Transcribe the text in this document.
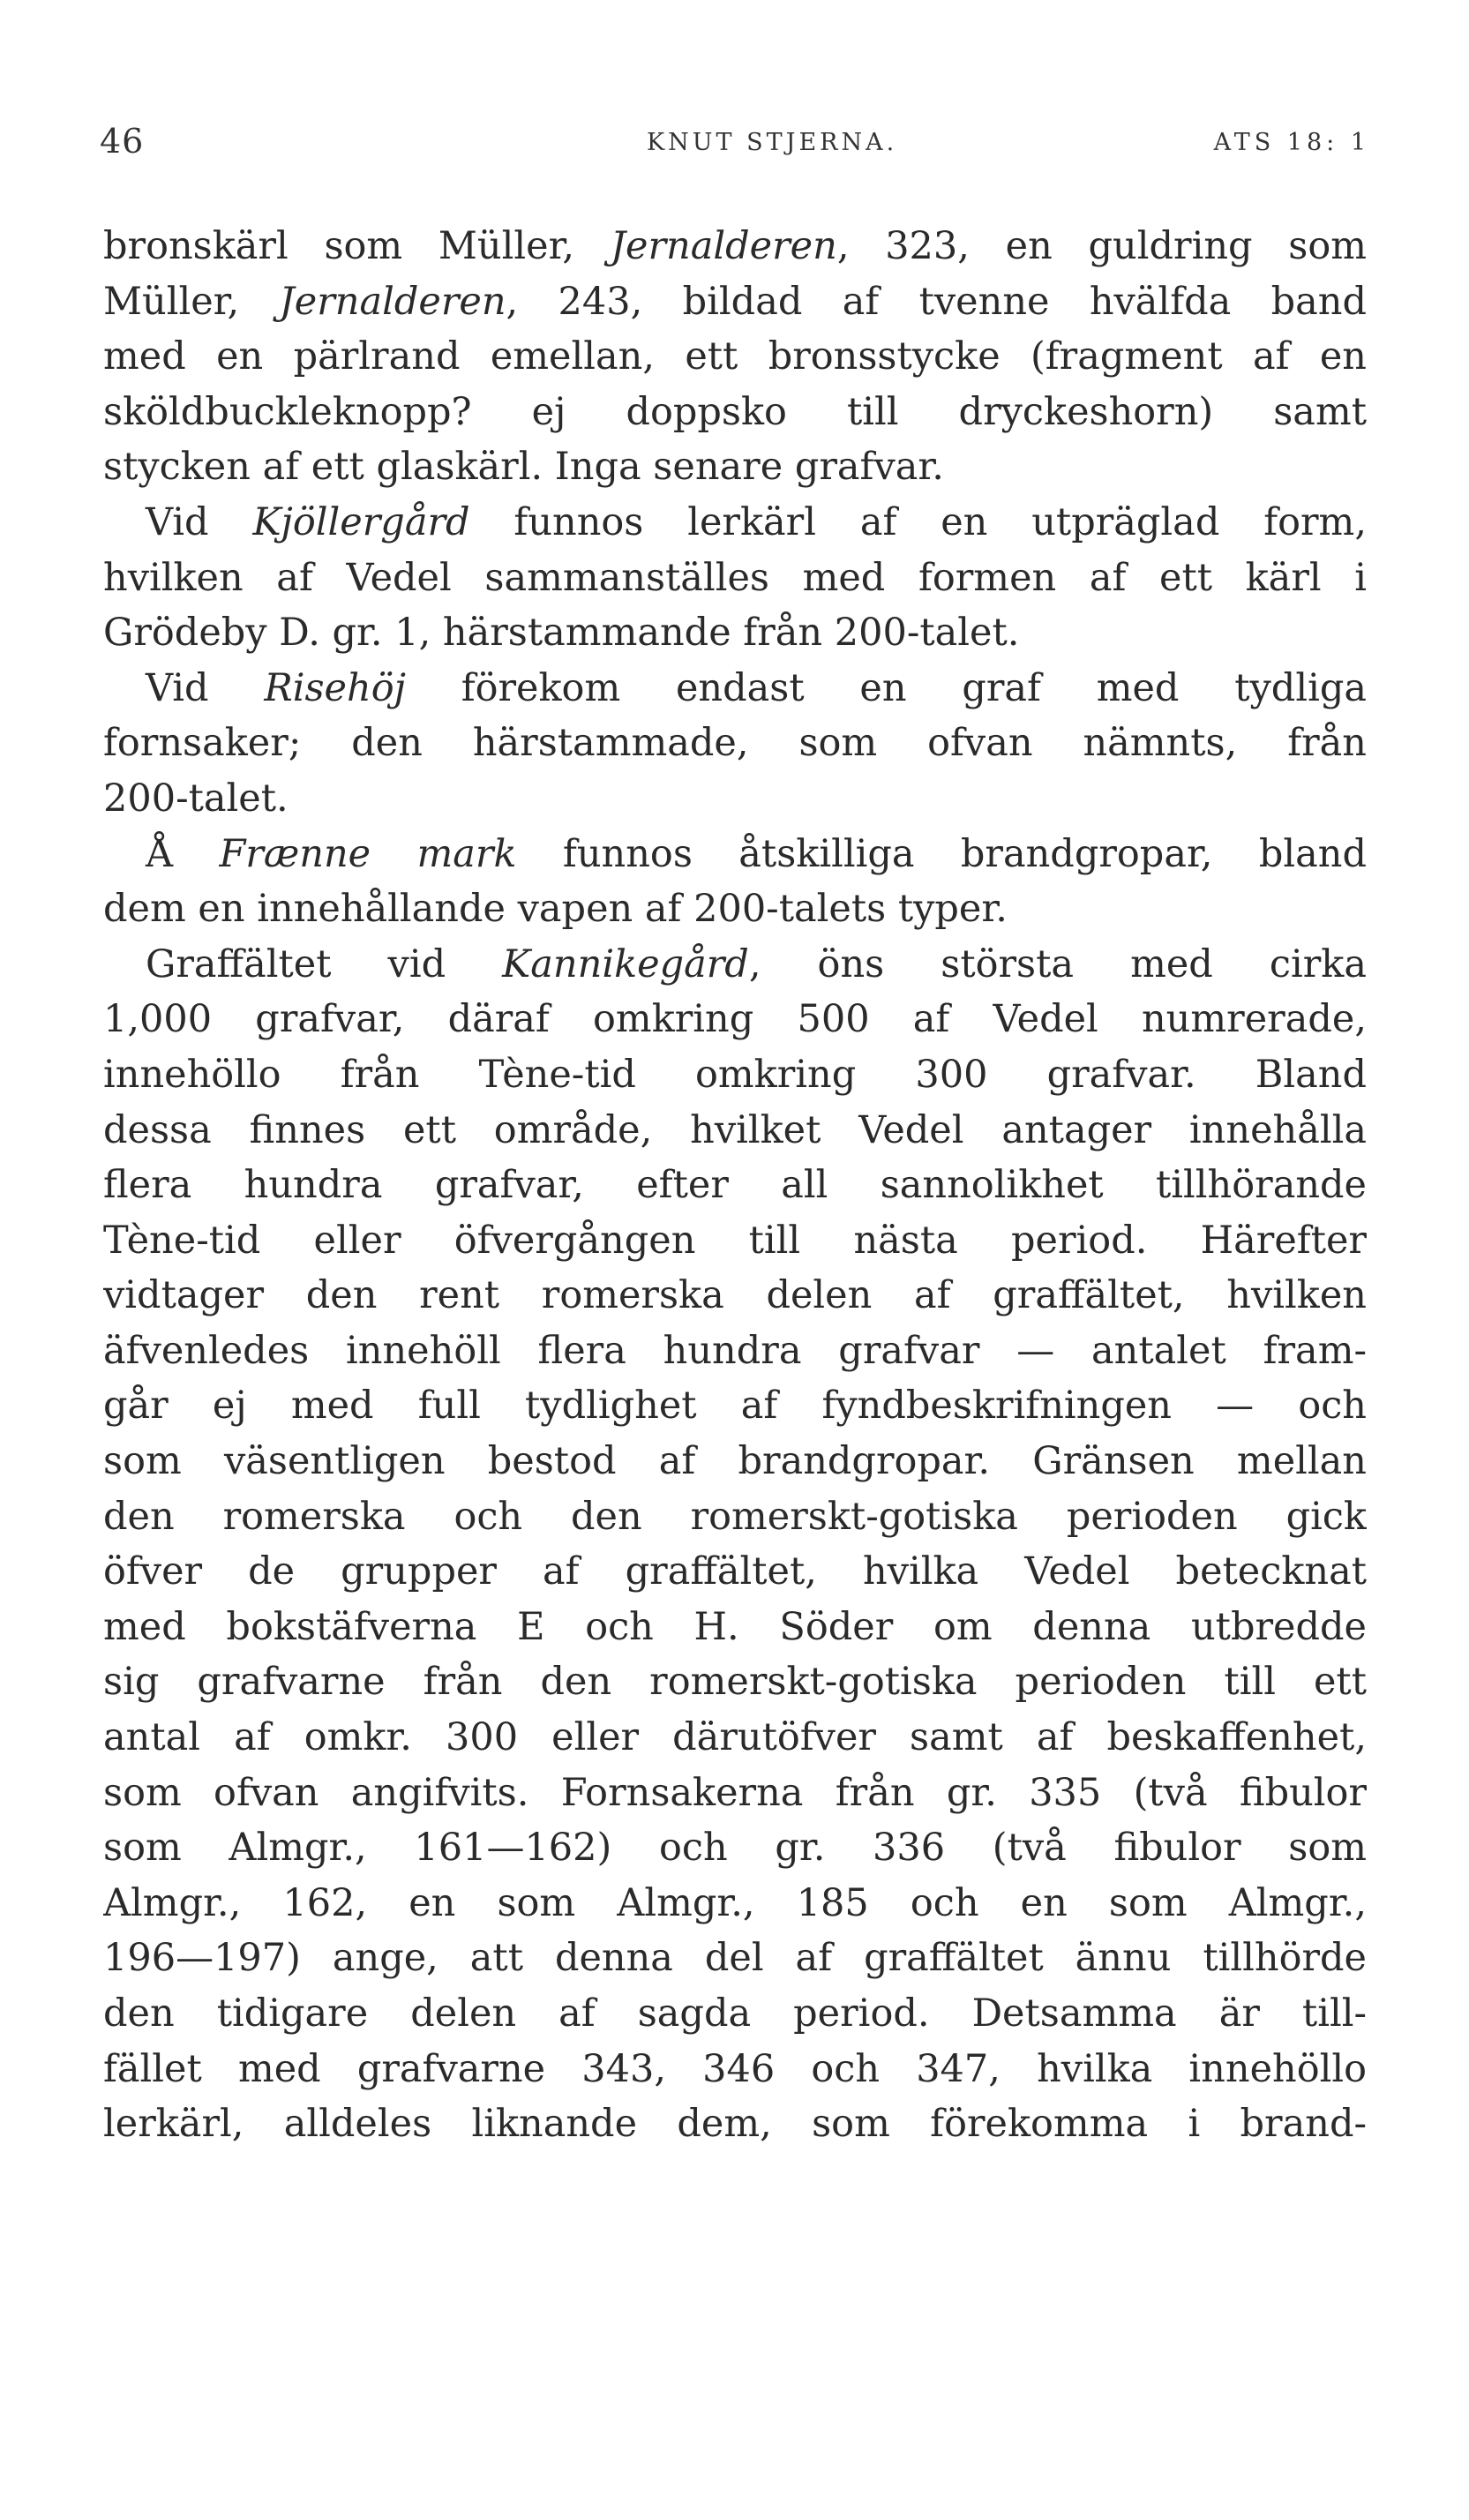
46	KNUT STJERNA.	ATS 18: 1
bronskärl som Müller, Jernalderen, 323, en guldring som
Müller, Jernalderen, 243, bildad af tvenne hvälfda band
med en pärlrand emellan, ett bronsstycke (fragment af en
sköldbuckleknopp? ej doppsko till dryckeshorn) samt
stycken af ett glaskärl. Inga senare grafvar.
Vid Kjöllergård funnos lerkärl af en utpräglad form,
hvilken af Vedel sammanställes med formen af ett kärl i
Grödeby D. gr. 1, härstammande från 200-talet.
Vid Risehöj förekom endast en graf med tydliga
fornsaker; den härstammade, som ofvan nämnts, från
200-talet.
Å Frænne mark funnos åtskilliga brandgropar, bland
dem en innehållande vapen af 200-talets typer.
Graffältet vid Kannikegård, öns största med cirka
1,000 grafvar, däraf omkring 500 af Vedel numrerade,
innehöllo från Tène-tid omkring 300 grafvar. Bland
dessa finnes ett område, hvilket Vedel antager innehålla
flera hundra grafvar, efter all sannolikhet tillhörande
Tène-tid eller öfvergången till nästa period. Härefter
vidtager den rent romerska delen af graffältet, hvilken
äfvenledes innehöll flera hundra grafvar — antalet fram-
går ej med full tydlighet af fyndbeskrifningen — och
som väsentligen bestod af brandgropar. Gränsen mellan
den romerska och den romerskt-gotiska perioden gick
öfver de grupper af graffältet, hvilka Vedel betecknat
med bokstäfverna E och H. Söder om denna utbredde
sig grafvarne från den romerskt-gotiska perioden till ett
antal af omkr. 300 eller därutöfver samt af beskaffenhet,
som ofvan angifvits. Fornsakerna från gr. 335 (två fibulor
som Almgr., 161—162) och gr. 336 (två fibulor som
Almgr., 162, en som Almgr., 185 och en som Almgr.,
196—197) ange, att denna del af graffältet ännu tillhörde
den tidigare delen af sagda period. Detsamma är till-
fället med grafvarne 343, 346 och 347, hvilka innehöllo
lerkärl, alldeles liknande dem, som förekomma i brand-
